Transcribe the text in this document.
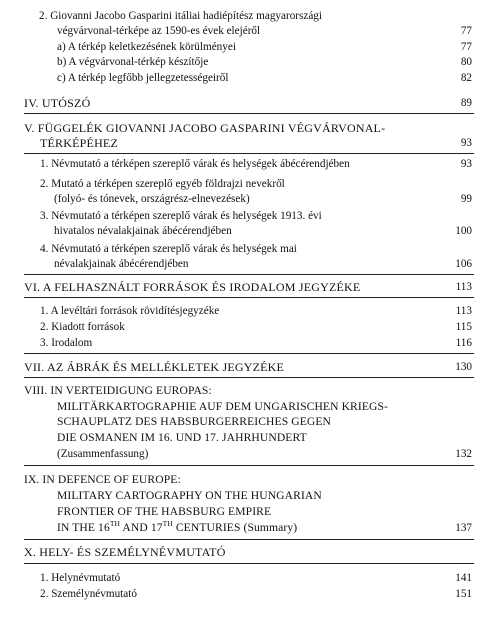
2. Giovanni Jacobo Gasparini itáliai hadiépítész magyarországi
végvárvonal-térképe az 1590-es évek elejéről	77
a) A térkép keletkezésének körülményei	77
b) A végvárvonal-térkép készítője	80
c) A térkép legfőbb jellegzetességeiről	82
IV. UTÓSZÓ	89
V. FÜGGELÉK GIOVANNI JACOBO GASPARINI VÉGVÁRVONAL-
TÉRKÉPÉHEZ	93
1. Névmutató a térképen szereplő várak és helységek ábécérendjében	93
2. Mutató a térképen szereplő egyéb földrajzi nevekről
(folyó- és tónevek, országrész-elnevezések)	99
3. Névmutató a térképen szereplő várak és helységek 1913. évi
hivatalos névalakjainak ábécérendjében	100
4. Névmutató a térképen szereplő várak és helységek mai
névalakjainak ábécérendjében	106
VI. A FELHASZNÁLT FORRÁSOK ÉS IRODALOM JEGYZÉKE	113
1. A levéltári források rövidítésjegyzéke	113
2. Kiadott források	115
3. Irodalom	116
VII. AZ ÁBRÁK ÉS MELLÉKLETEK JEGYZÉKE	130
VIII. IN VERTEIDIGUNG EUROPAS:
MILITÄRKARTOGRAPHIE AUF DEM UNGARISCHEN KRIEGS-
SCHAUPLATZ DES HABSBURGERREICHES GEGEN
DIE OSMANEN IM 16. UND 17. JAHRHUNDERT
(Zusammenfassung)	132
IX. IN DEFENCE OF EUROPE:
MILITARY CARTOGRAPHY ON THE HUNGARIAN
FRONTIER OF THE HABSBURG EMPIRE
IN THE 16TH AND 17TH CENTURIES (Summary)	137
X. HELY- ÉS SZEMÉLYNÉVMUTATÓ
1. Helynévmutató	141
2. Személynévmutató	151
